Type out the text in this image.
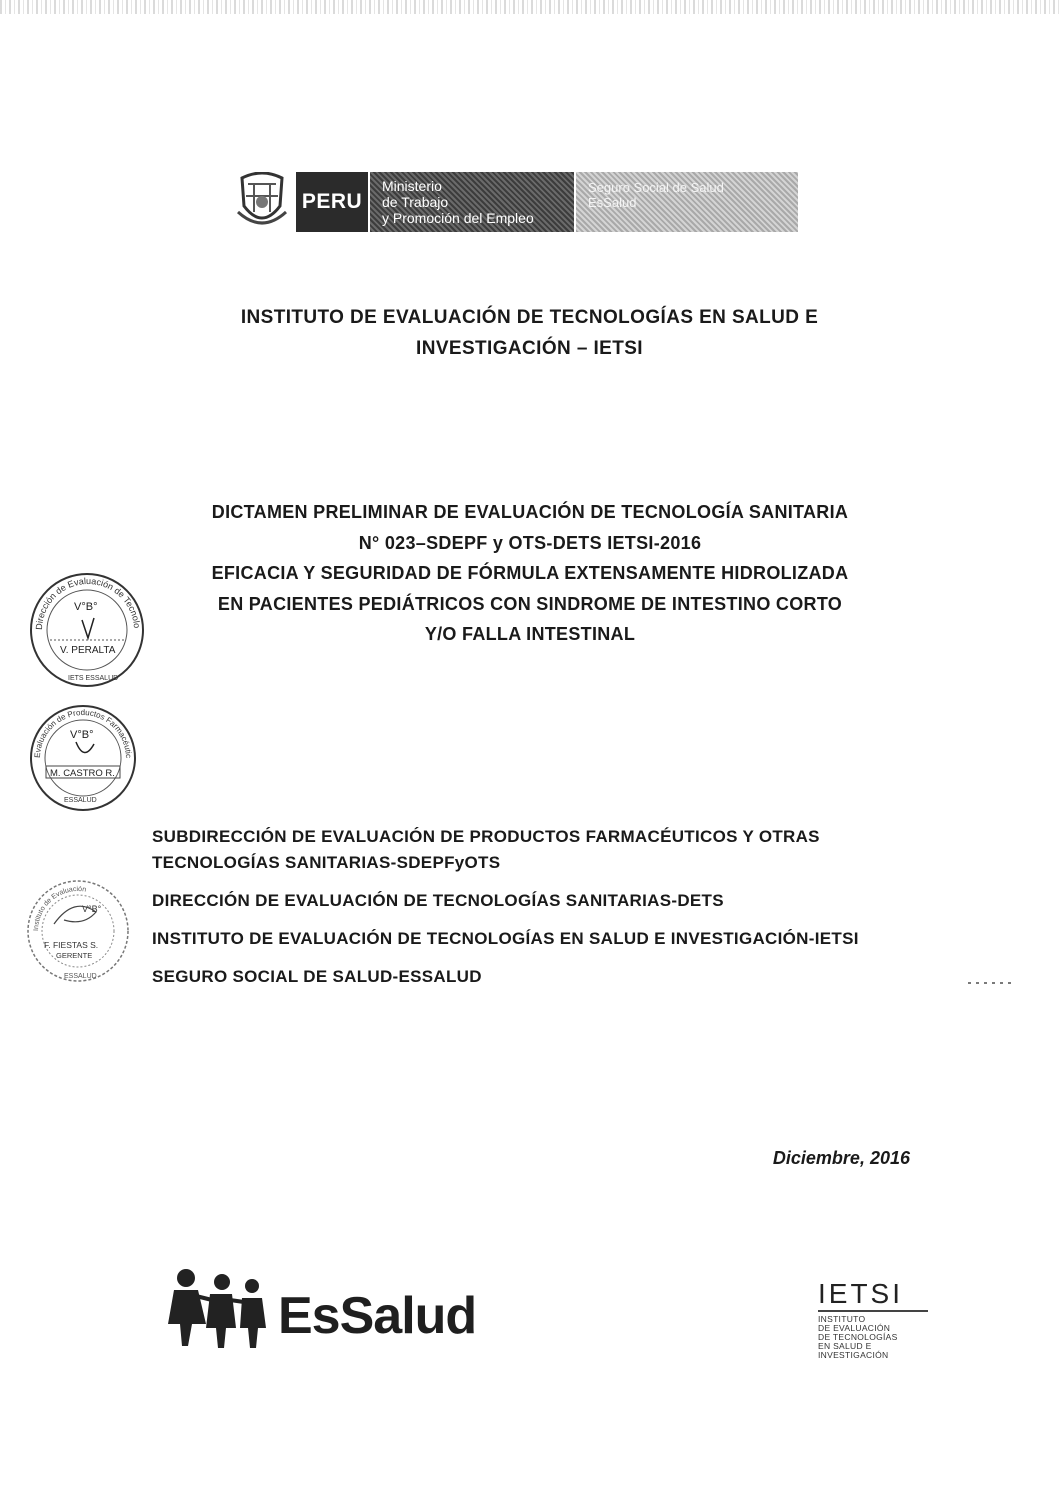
PERU
Ministerio
de Trabajo
y Promoción del Empleo
Seguro Social de Salud
EsSalud
INSTITUTO DE EVALUACIÓN DE TECNOLOGÍAS EN SALUD E
INVESTIGACIÓN – IETSI
DICTAMEN PRELIMINAR DE EVALUACIÓN DE TECNOLOGÍA SANITARIA
N° 023–SDEPF y OTS-DETS IETSI-2016
EFICACIA Y SEGURIDAD DE FÓRMULA EXTENSAMENTE HIDROLIZADA
EN PACIENTES PEDIÁTRICOS CON SINDROME DE INTESTINO CORTO
Y/O FALLA INTESTINAL
Dirección de Evaluación de Tecnolo
V°B°
V. PERALTA
IETS ESSALUD
Evaluación de Productos Farmacéutic
V°B°
M. CASTRO R.
ESSALUD
Instituto de Evaluación
V°B°
F. FIESTAS S.
GERENTE
ESSALUD

SUBDIRECCIÓN DE EVALUACIÓN DE PRODUCTOS FARMACÉUTICOS Y OTRAS TECNOLOGÍAS SANITARIAS-SDEPFyOTS

DIRECCIÓN DE EVALUACIÓN DE TECNOLOGÍAS SANITARIAS-DETS

INSTITUTO DE EVALUACIÓN DE TECNOLOGÍAS EN SALUD E INVESTIGACIÓN-IETSI

SEGURO SOCIAL DE SALUD-ESSALUD

Diciembre, 2016
EsSalud	IETSI
INSTITUTO
DE EVALUACIÓN
DE TECNOLOGÍAS
EN SALUD E
INVESTIGACIÓN
